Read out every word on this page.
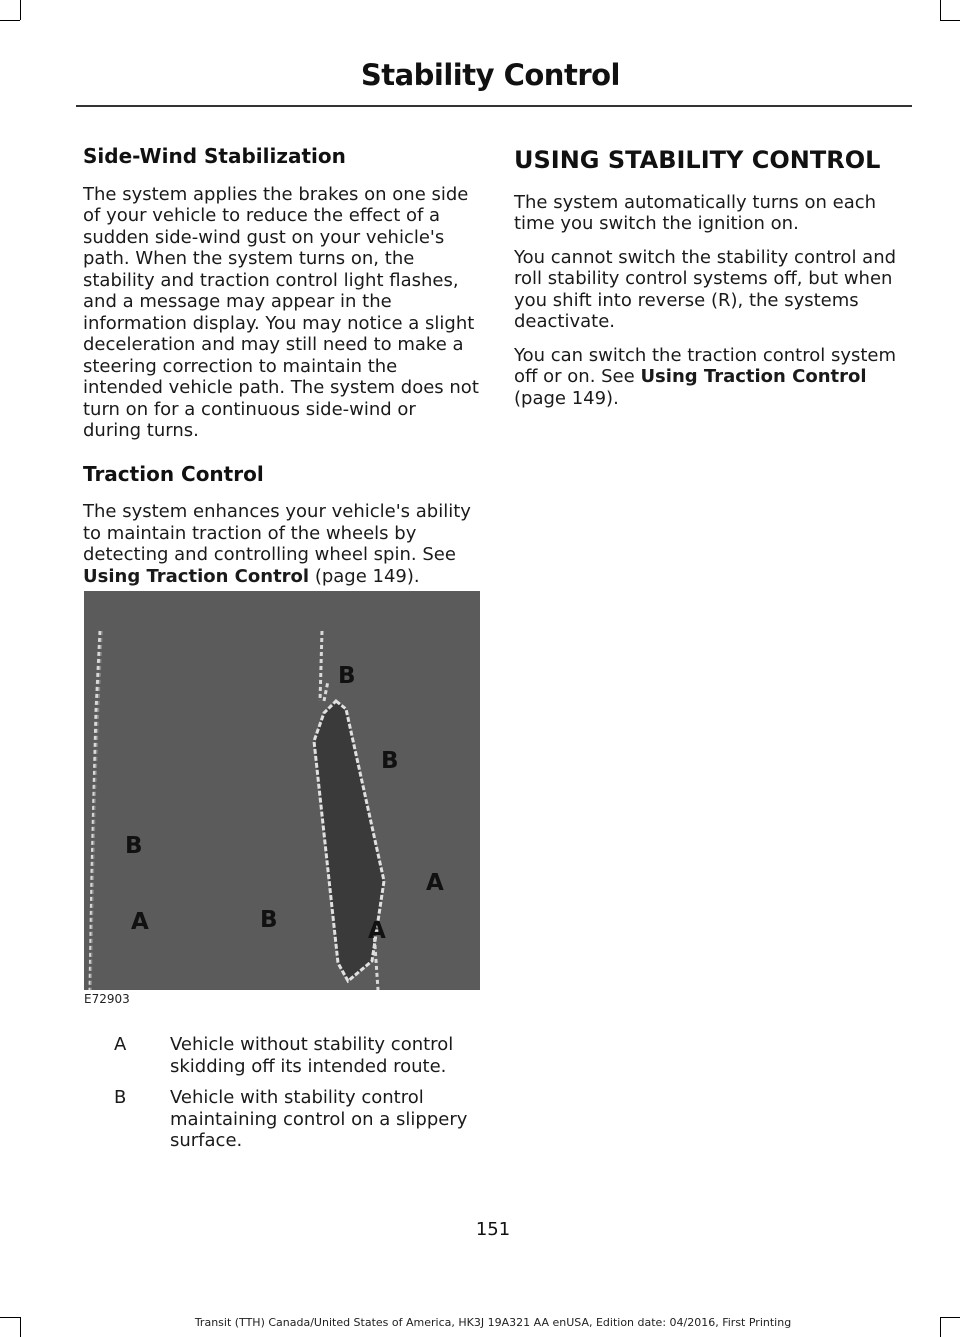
Stability Control
Side-Wind Stabilization

The system applies the brakes on one side of your vehicle to reduce the effect of a sudden side-wind gust on your vehicle's path. When the system turns on, the stability and traction control light flashes, and a message may appear in the information display. You may notice a slight deceleration and may still need to make a steering correction to maintain the intended vehicle path. The system does not turn on for a continuous side-wind or during turns.

Traction Control

The system enhances your vehicle's ability to maintain traction of the wheels by detecting and controlling wheel spin. See Using Traction Control (page 149).

B
B
B
A
A	B	A
E72903
A	Vehicle without stability control skidding off its intended route.
B	Vehicle with stability control maintaining control on a slippery surface.
USING STABILITY CONTROL

The system automatically turns on each time you switch the ignition on.

You cannot switch the stability control and roll stability control systems off, but when you shift into reverse (R), the systems deactivate.

You can switch the traction control system off or on. See Using Traction Control
(page 149).

151
Transit (TTH) Canada/United States of America, HK3J 19A321 AA enUSA, Edition date: 04/2016, First Printing
